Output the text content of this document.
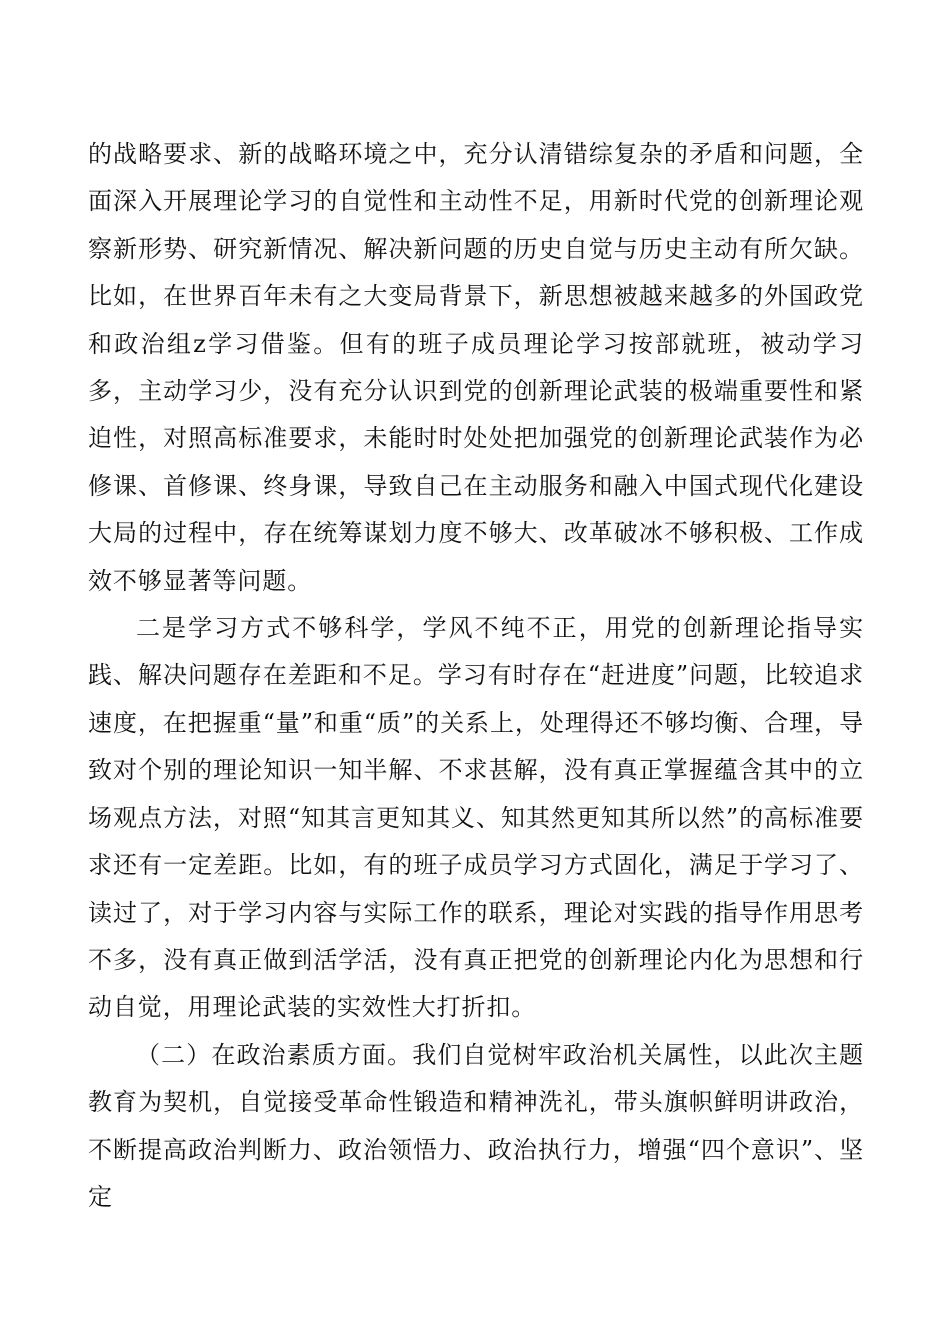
的战略要求、新的战略环境之中，充分认清错综复杂的矛盾和问题，全面深入开展理论学习的自觉性和主动性不足，用新时代党的创新理论观察新形势、研究新情况、解决新问题的历史自觉与历史主动有所欠缺。比如，在世界百年未有之大变局背景下，新思想被越来越多的外国政党和政治组z学习借鉴。但有的班子成员理论学习按部就班，被动学习多，主动学习少，没有充分认识到党的创新理论武装的极端重要性和紧迫性，对照高标准要求，未能时时处处把加强党的创新理论武装作为必修课、首修课、终身课，导致自己在主动服务和融入中国式现代化建设大局的过程中，存在统筹谋划力度不够大、改革破冰不够积极、工作成效不够显著等问题。

二是学习方式不够科学，学风不纯不正，用党的创新理论指导实践、解决问题存在差距和不足。学习有时存在“赶进度”问题，比较追求速度，在把握重“量”和重“质”的关系上，处理得还不够均衡、合理，导致对个别的理论知识一知半解、不求甚解，没有真正掌握蕴含其中的立场观点方法，对照“知其言更知其义、知其然更知其所以然”的高标准要求还有一定差距。比如，有的班子成员学习方式固化，满足于学习了、读过了，对于学习内容与实际工作的联系，理论对实践的指导作用思考不多，没有真正做到活学活，没有真正把党的创新理论内化为思想和行动自觉，用理论武装的实效性大打折扣。

（二）在政治素质方面。我们自觉树牢政治机关属性，以此次主题教育为契机，自觉接受革命性锻造和精神洗礼，带头旗帜鲜明讲政治，不断提高政治判断力、政治领悟力、政治执行力，增强“四个意识”、坚定
